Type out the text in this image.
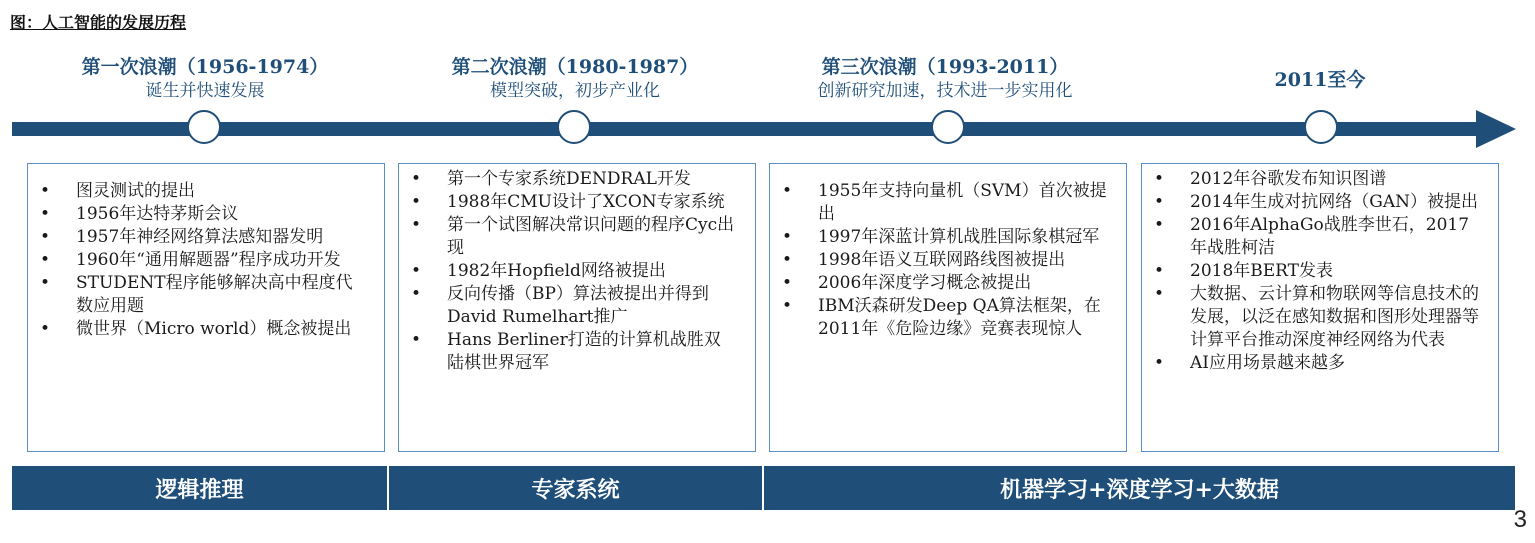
图：人工智能的发展历程
第一次浪潮（1956-1974）
诞生并快速发展
第二次浪潮（1980-1987）
模型突破，初步产业化
第三次浪潮（1993-2011）
创新研究加速，技术进一步实用化	2011至今
• 图灵测试的提出
• 1956年达特茅斯会议
• 1957年神经网络算法感知器发明
• 1960年“通用解题器”程序成功开发
• STUDENT程序能够解决高中程度代数应用题
• 微世界（Micro world）概念被提出
• 第一个专家系统DENDRAL开发
• 1988年CMU设计了XCON专家系统
• 第一个试图解决常识问题的程序Cyc出现
• 1982年Hopfield网络被提出
• 反向传播（BP）算法被提出并得到David Rumelhart推广
• Hans Berliner打造的计算机战胜双陆棋世界冠军
• 1955年支持向量机（SVM）首次被提出
• 1997年深蓝计算机战胜国际象棋冠军
• 1998年语义互联网路线图被提出
• 2006年深度学习概念被提出
• IBM沃森研发Deep QA算法框架，在2011年《危险边缘》竞赛表现惊人
• 2012年谷歌发布知识图谱
• 2014年生成对抗网络（GAN）被提出
• 2016年AlphaGo战胜李世石，2017年战胜柯洁
• 2018年BERT发表
• 大数据、云计算和物联网等信息技术的发展，以泛在感知数据和图形处理器等计算平台推动深度神经网络为代表
• AI应用场景越来越多
逻辑推理	专家系统	机器学习+深度学习+大数据
3
